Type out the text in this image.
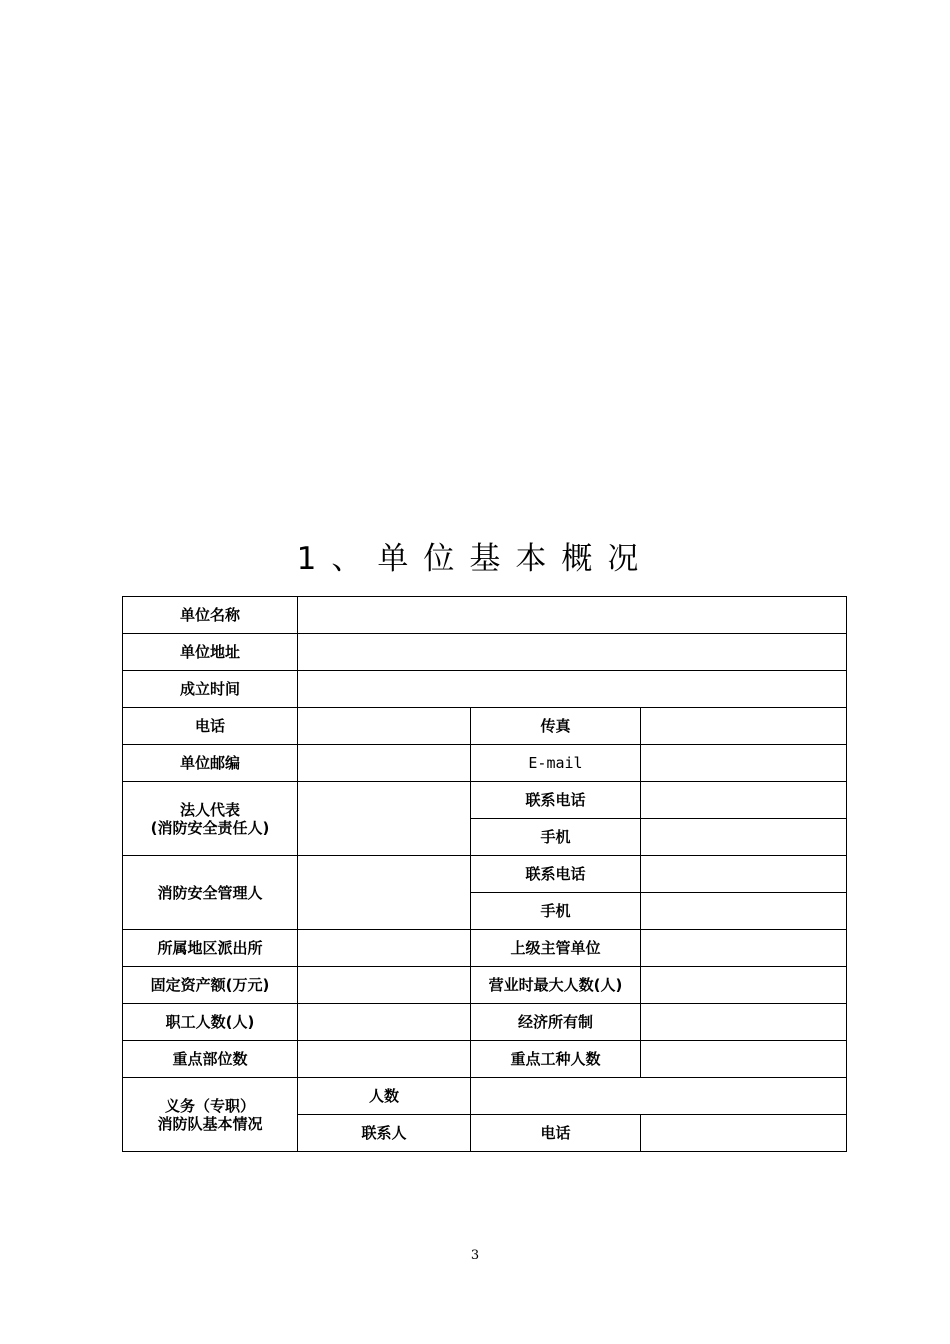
1、单位基本概况
单位名称			
单位地址			
成立时间			
电话		传真	
单位邮编		E-mail	

法人代表
(消防安全责任人)		联系电话	
		手机	
消防安全管理人		联系电话	
		手机	
所属地区派出所		上级主管单位	
固定资产额(万元)		营业时最大人数(人)	
职工人数(人)		经济所有制	
重点部位数		重点工种人数	

义务（专职）
消防队基本情况	人数		
	联系人	电话	
3
